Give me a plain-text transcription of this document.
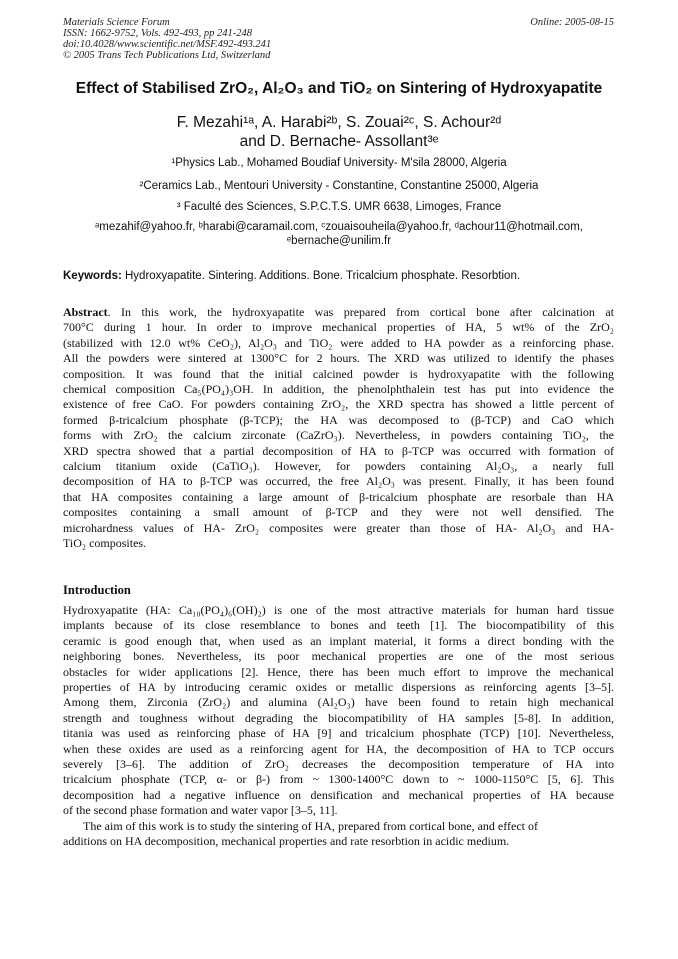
Materials Science Forum
ISSN: 1662-9752, Vols. 492-493, pp 241-248
doi:10.4028/www.scientific.net/MSF.492-493.241
© 2005 Trans Tech Publications Ltd, Switzerland
Online: 2005-08-15
Effect of Stabilised ZrO₂, Al₂O₃ and TiO₂ on Sintering of Hydroxyapatite
F. Mezahi¹ᵃ, A. Harabi²ᵇ, S. Zouai²ᶜ, S. Achour²ᵈ
and D. Bernache- Assollant³ᵉ
¹Physics Lab., Mohamed Boudiaf University- M'sila 28000, Algeria
²Ceramics Lab., Mentouri University - Constantine, Constantine 25000, Algeria
³ Faculté des Sciences, S.P.C.T.S. UMR 6638, Limoges, France
ᵃmezahif@yahoo.fr, ᵇharabi@caramail.com, ᶜzouaisouheila@yahoo.fr, ᵈachour11@hotmail.com,
ᵉbernache@unilim.fr
Keywords: Hydroxyapatite. Sintering. Additions. Bone. Tricalcium phosphate. Resorbtion.
Abstract. In this work, the hydroxyapatite was prepared from cortical bone after calcination at
700°C during 1 hour. In order to improve mechanical properties of HA, 5 wt% of the ZrO₂
(stabilized with 12.0 wt% CeO₂), Al₂O₃ and TiO₂ were added to HA powder as a reinforcing phase.
All the powders were sintered at 1300°C for 2 hours. The XRD was utilized to identify the phases
composition. It was found that the initial calcined powder is hydroxyapatite with the following
chemical composition Ca₅(PO₄)₃OH. In addition, the phenolphthalein test has put into evidence the
existence of free CaO. For powders containing ZrO₂, the XRD spectra has showed a little percent of
formed β-tricalcium phosphate (β-TCP); the HA was decomposed to (β-TCP) and CaO which
forms with ZrO₂ the calcium zirconate (CaZrO₃). Nevertheless, in powders containing TiO₂, the
XRD spectra showed that a partial decomposition of HA to β-TCP was occurred with formation of
calcium titanium oxide (CaTiO₃). However, for powders containing Al₂O₃, a nearly full
decomposition of HA to β-TCP was occurred, the free Al₂O₃ was present. Finally, it has been found
that HA composites containing a large amount of β-tricalcium phosphate are resorbale than HA
composites containing a small amount of β-TCP and they were not well densified. The
microhardness values of HA- ZrO₂ composites were greater than those of HA- Al₂O₃ and HA-
TiO₂ composites.
Introduction
Hydroxyapatite (HA: Ca₁₀(PO₄)₆(OH)₂) is one of the most attractive materials for human hard tissue
implants because of its close resemblance to bones and teeth [1]. The biocompatibility of this
ceramic is good enough that, when used as an implant material, it forms a direct bonding with the
neighboring bones. Nevertheless, its poor mechanical properties are one of the most serious
obstacles for wider applications [2]. Hence, there has been much effort to improve the mechanical
properties of HA by introducing ceramic oxides or metallic dispersions as reinforcing agents [3–5].
Among them, Zirconia (ZrO₂) and alumina (Al₂O₃) have been found to retain high mechanical
strength and toughness without degrading the biocompatibility of HA samples [5-8]. In addition,
titania was used as reinforcing phase of HA [9] and tricalcium phosphate (TCP) [10]. Nevertheless,
when these oxides are used as a reinforcing agent for HA, the decomposition of HA to TCP occurs
severely [3–6]. The addition of ZrO₂ decreases the decomposition temperature of HA into
tricalcium phosphate (TCP, α- or β-) from ~ 1300-1400°C down to ~ 1000-1150°C [5, 6]. This
decomposition had a negative influence on densification and mechanical properties of HA because
of the second phase formation and water vapor [3–5, 11].
The aim of this work is to study the sintering of HA, prepared from cortical bone, and effect of
additions on HA decomposition, mechanical properties and rate resorbtion in acidic medium.
